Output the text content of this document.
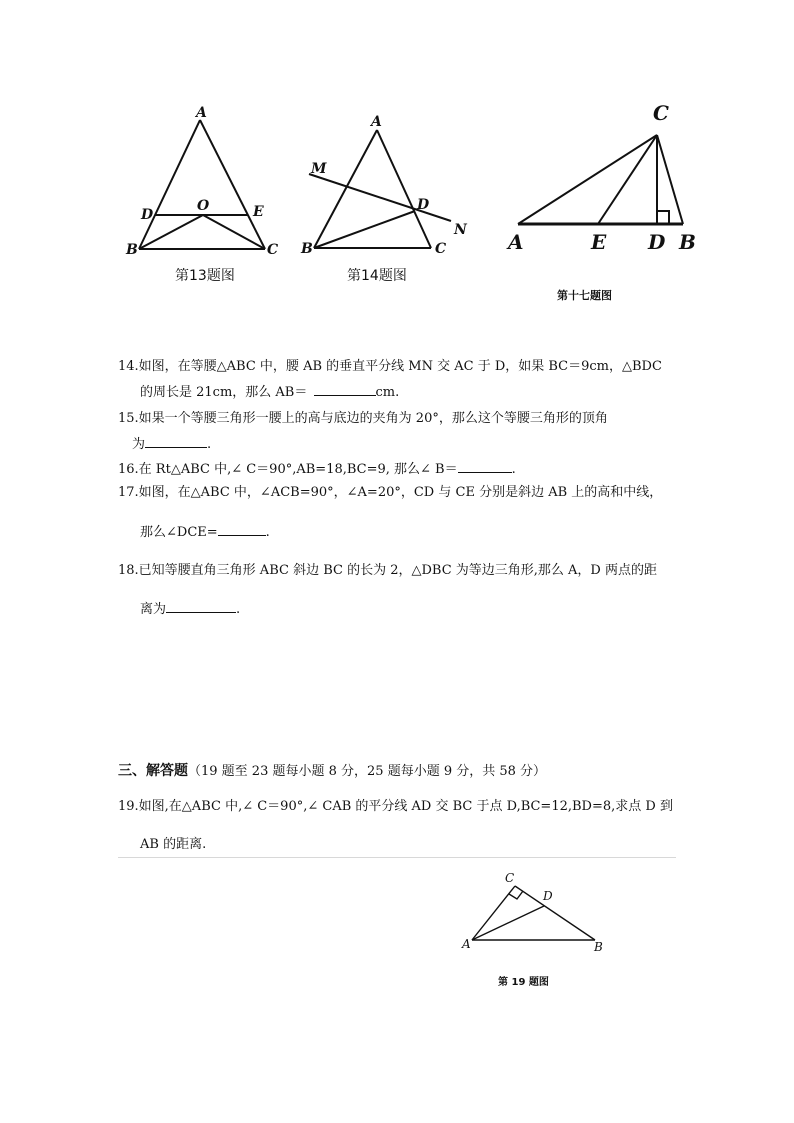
A
D
O	E
B	C
第13题图
A
M
D
N
B	C
第14题图
C
A	E D B
第十七题图
14.如图，在等腰△ABC 中，腰 AB 的垂直平分线 MN 交 AC 于 D，如果 BC＝9cm，△BDC
的周长是 21cm，那么 AB＝	cm.
15.如果一个等腰三角形一腰上的高与底边的夹角为 20°，那么这个等腰三角形的顶角
为	.
16.在 Rt△ABC 中,∠ C＝90°,AB=18,BC=9, 那么∠ B＝	.
17.如图，在△ABC 中，∠ACB=90°，∠A=20°，CD 与 CE 分别是斜边 AB 上的高和中线，
那么∠DCE=	.
18.已知等腰直角三角形 ABC 斜边 BC 的长为 2，△DBC 为等边三角形,那么 A，D 两点的距
离为	.
三、解答题（19 题至 23 题每小题 8 分，25 题每小题 9 分，共 58 分）
19.如图,在△ABC 中,∠ C＝90°,∠ CAB 的平分线 AD 交 BC 于点 D,BC=12,BD=8,求点 D 到
AB 的距离.
C
D
A	B
第 19 题图
